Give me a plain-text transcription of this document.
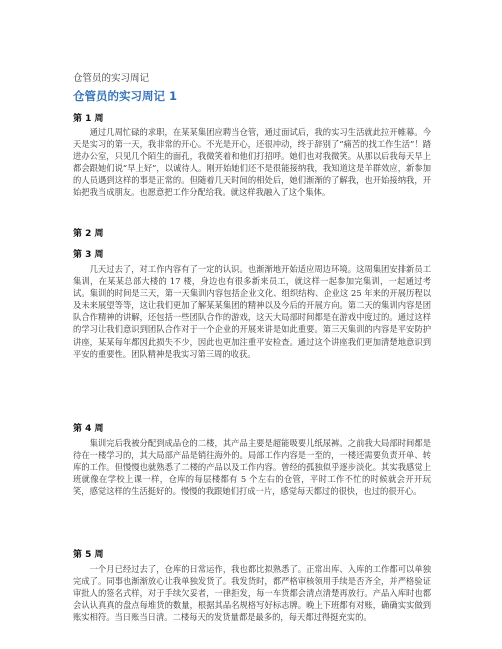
仓管员的实习周记
仓管员的实习周记 1
第 1 周

通过几周忙碌的求职，在某某集团应聘当仓管，通过面试后，我的实习生活就此拉开帷幕。今天是实习的第一天，我非常的开心。不光是开心，还很冲动，终于辞别了“痛苦的找工作生活”！踏进办公室，只见几个陌生的面孔，我微笑着和他们打招呼。她们也对我微笑。从那以后我每天早上都会跟她们说“早上好”，以诚待人。刚开始她们还不是很能接纳我，我知道这是羊群效应，新参加的人员遇到这样的事是正常的。但随着几天时间的相处后，她们渐渐的了解我，也开始接纳我，开始把我当成朋友。也愿意把工作分配给我。就这样我融入了这个集体。

第 2 周
第 3 周

几天过去了，对工作内容有了一定的认识。也渐渐地开始适应周边环境。这周集团安排新员工集训，在某某总部大楼的 17 楼，身边也有很多新来员工，就这样一起参加完集训，一起通过考试。集训的时间是三天，第一天集训内容包括企业文化、组织结构、企业这 25 年来的开展历程以及未来展望等等，这让我们更加了解某某集团的精神以及今后的开展方向。第二天的集训内容是团队合作精神的讲解，还包括一些团队合作的游戏，这天大局部时间都是在游戏中度过的。通过这样的学习让我们意识到团队合作对于一个企业的开展来讲是如此重要。第三天集训的内容是平安防护讲座，某某每年都因此损失不少，因此也更加注重平安检查。通过这个讲座我们更加清楚地意识到平安的重要性。团队精神是我实习第三周的收获。

第 4 周

集训完后我被分配到成品仓的二楼，其产品主要是超能吸要儿纸尿裤。之前我大局部时间都是待在一楼学习的，其大局部产品是销往海外的。局部工作内容是一至的，一楼还需要负责开单、转库的工作。但慢慢也就熟悉了二楼的产品以及工作内容。曾经的孤独似乎逐步淡化。其实我感觉上班就像在学校上课一样，仓库的每层楼都有 5 个左右的仓管，平时工作不忙的时候就会开开玩笑，感觉这样的生活挺好的。慢慢的我跟她们打成一片，感觉每天都过的很快，也过的很开心。

第 5 周

一个月已经过去了，仓库的日常运作，我也都比拟熟悉了。正常出库、入库的工作都可以单独完成了。同事也渐渐放心让我单独发货了。我发货时，都严格审核领用手续是否齐全，并严格验证审批人的签名式样，对于手续欠妥者，一律拒发，每一车货都会清点清楚再放行。产品入库时也都会认认真真的盘点每堆货的数量，根据其品名规格写好标志牌。晚上下班都有对账，确确实实做到账实相符。当日账当日清。二楼每天的发货量都是最多的，每天都过得挺充实的。
